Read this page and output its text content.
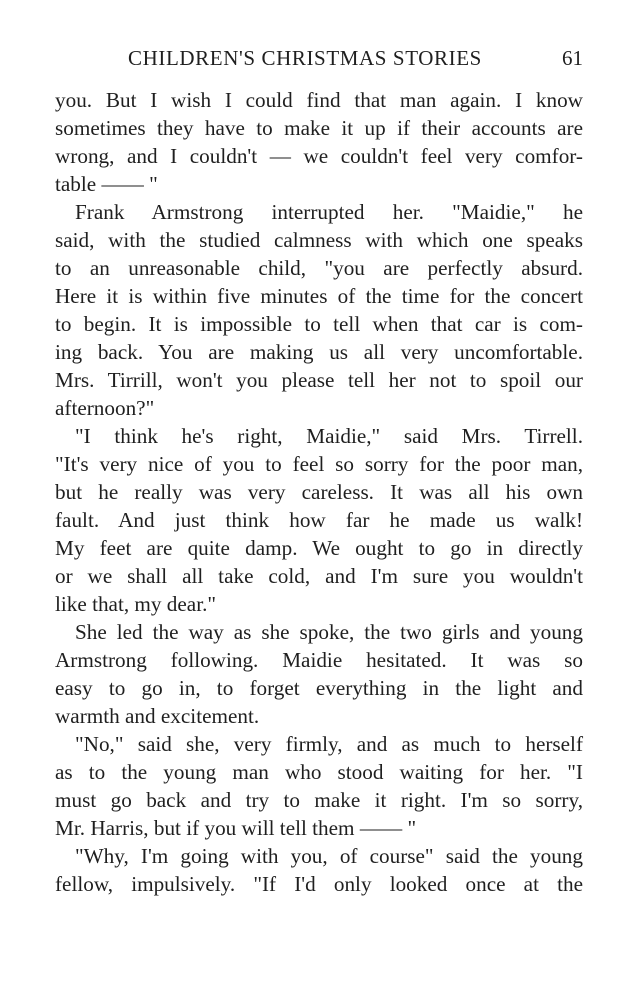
CHILDREN'S CHRISTMAS STORIES	61
you. But I wish I could find that man again. I know
sometimes they have to make it up if their accounts are
wrong, and I couldn't — we couldn't feel very comfor-
table —— "
Frank Armstrong interrupted her. "Maidie," he
said, with the studied calmness with which one speaks
to an unreasonable child, "you are perfectly absurd.
Here it is within five minutes of the time for the concert
to begin. It is impossible to tell when that car is com-
ing back. You are making us all very uncomfortable.
Mrs. Tirrill, won't you please tell her not to spoil our
afternoon?"
"I think he's right, Maidie," said Mrs. Tirrell.
"It's very nice of you to feel so sorry for the poor man,
but he really was very careless. It was all his own
fault. And just think how far he made us walk!
My feet are quite damp. We ought to go in directly
or we shall all take cold, and I'm sure you wouldn't
like that, my dear."
She led the way as she spoke, the two girls and young
Armstrong following. Maidie hesitated. It was so
easy to go in, to forget everything in the light and
warmth and excitement.
"No," said she, very firmly, and as much to herself
as to the young man who stood waiting for her. "I
must go back and try to make it right. I'm so sorry,
Mr. Harris, but if you will tell them —— "
"Why, I'm going with you, of course" said the young
fellow, impulsively. "If I'd only looked once at the
